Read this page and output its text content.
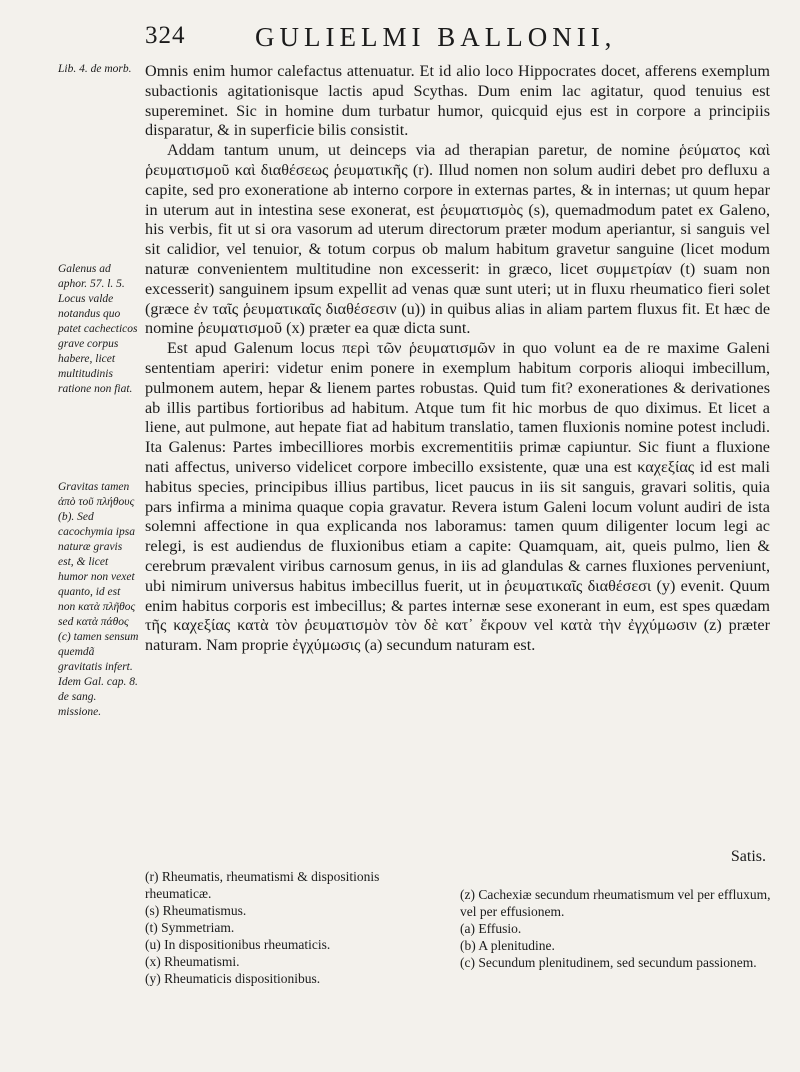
324	GULIELMI BALLONII,
Lib. 4. de morb.
Galenus ad aphor. 57. l. 5. Locus valde notandus quo patet cachecticos grave corpus habere, licet multitudinis ratione non fiat.
Gravitas tamen ἀπὸ τοῦ πλήθους (b). Sed cacochymia ipsa naturæ gravis est, & licet humor non vexet quanto, id est non κατὰ πλῆθος sed κατὰ πάθος (c) tamen sensum quemdã gravitatis infert. Idem Gal. cap. 8. de sang. missione.

Omnis enim humor calefactus attenuatur. Et id alio loco Hippocrates docet, afferens exemplum subactionis agitationisque lactis apud Scythas. Dum enim lac agitatur, quod tenuius est supereminet. Sic in homine dum turbatur humor, quicquid ejus est in corpore a principiis disparatur, & in superficie bilis consistit.

Addam tantum unum, ut deinceps via ad therapian paretur, de nomine ῥεύματος καὶ ῥευματισμοῦ καὶ διαθέσεως ῥευματικῆς (r). Illud nomen non solum audiri debet pro defluxu a capite, sed pro exoneratione ab interno corpore in externas partes, & in internas; ut quum hepar in uterum aut in intestina sese exonerat, est ῥευματισμὸς (s), quemadmodum patet ex Galeno, his verbis, fit ut si ora vasorum ad uterum directorum præter modum aperiantur, si sanguis vel sit calidior, vel tenuior, & totum corpus ob malum habitum gravetur sanguine (licet modum naturæ convenientem multitudine non excesserit: in græco, licet συμμετρίαν (t) suam non excesserit) sanguinem ipsum expellit ad venas quæ sunt uteri; ut in fluxu rheumatico fieri solet (græce ἐν ταῖς ῥευματικαῖς διαθέσεσιν (u)) in quibus alias in aliam partem fluxus fit. Et hæc de nomine ῥευματισμοῦ (x) præter ea quæ dicta sunt.

Est apud Galenum locus περὶ τῶν ῥευματισμῶν in quo volunt ea de re maxime Galeni sententiam aperiri: videtur enim ponere in exemplum habitum corporis alioqui imbecillum, pulmonem autem, hepar & lienem partes robustas. Quid tum fit? exonerationes & derivationes ab illis partibus fortioribus ad habitum. Atque tum fit hic morbus de quo diximus. Et licet a liene, aut pulmone, aut hepate fiat ad habitum translatio, tamen fluxionis nomine potest includi. Ita Galenus: Partes imbecilliores morbis excrementitiis primæ capiuntur. Sic fiunt a fluxione nati affectus, universo videlicet corpore imbecillo exsistente, quæ una est καχεξίας id est mali habitus species, principibus illius partibus, licet paucus in iis sit sanguis, gravari solitis, quia pars infirma a minima quaque copia gravatur. Revera istum Galeni locum volunt audiri de ista solemni affectione in qua explicanda nos laboramus: tamen quum diligenter locum legi ac relegi, is est audiendus de fluxionibus etiam a capite: Quamquam, ait, queis pulmo, lien & cerebrum prævalent viribus carnosum genus, in iis ad glandulas & carnes fluxiones perveniunt, ubi nimirum universus habitus imbecillus fuerit, ut in ῥευματικαῖς διαθέσεσι (y) evenit. Quum enim habitus corporis est imbecillus; & partes internæ sese exonerant in eum, est spes quædam τῆς καχεξίας κατὰ τὸν ῥευματισμὸν τὸν δὲ κατ᾽ ἔκρουν vel κατὰ τὴν ἐγχύμωσιν (z) præter naturam. Nam proprie ἐγχύμωσις (a) secundum naturam est.

Satis.
(r) Rheumatis, rheumatismi & dispositionis rheumaticæ.
(s) Rheumatismus.
(t) Symmetriam.
(u) In dispositionibus rheumaticis.
(x) Rheumatismi.
(y) Rheumaticis dispositionibus.
(z) Cachexiæ secundum rheumatismum vel per effluxum, vel per effusionem.
(a) Effusio.
(b) A plenitudine.
(c) Secundum plenitudinem, sed secundum passionem.
